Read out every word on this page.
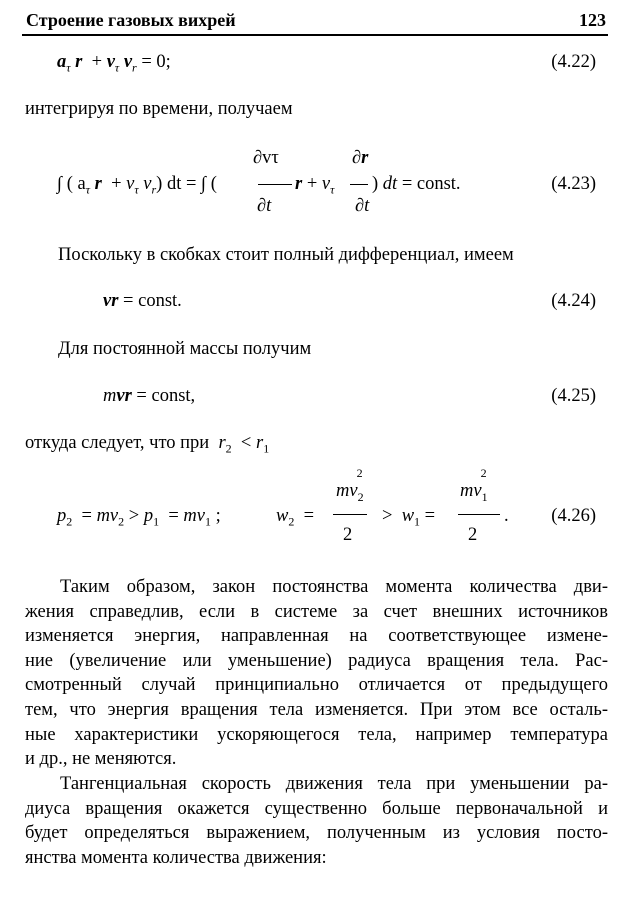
Строение газовых вихрей	123
$a_\tau$ $r + v_\tau$ $v_r = 0$;	(4.22)
интегрируя по времени, получаем
∫ ( $a_\tau$ $r + v_\tau$ $v_r$) dt = ∫ (
∂vτ
∂t
$r + v_\tau$
∂r
∂t
) dt = const.	(4.23)
Поскольку в скобках стоит полный дифференциал, имеем
vr = const.	(4.24)
Для постоянной массы получим
mvr = const,	(4.25)
откуда следует, что при $r_2 < r_1$
$p_2 = mv_2 > p_1 = mv_1$ ;	$w_2$  =
$mv_2^2$
2
>  $w_1$ =
$mv_1^2$
2
. (4.26)
Таким образом, закон постоянства момента количества дви-
жения справедлив, если в системе за счет внешних источников
изменяется энергия, направленная на соответствующее измене-
ние (увеличение или уменьшение) радиуса вращения тела. Рас-
смотренный случай принципиально отличается от предыдущего
тем, что энергия вращения тела изменяется. При этом все осталь-
ные характеристики ускоряющегося тела, например температура
и др., не меняются.
Тангенциальная скорость движения тела при уменьшении ра-
диуса вращения окажется существенно больше первоначальной и
будет определяться выражением, полученным из условия посто-
янства момента количества движения:
